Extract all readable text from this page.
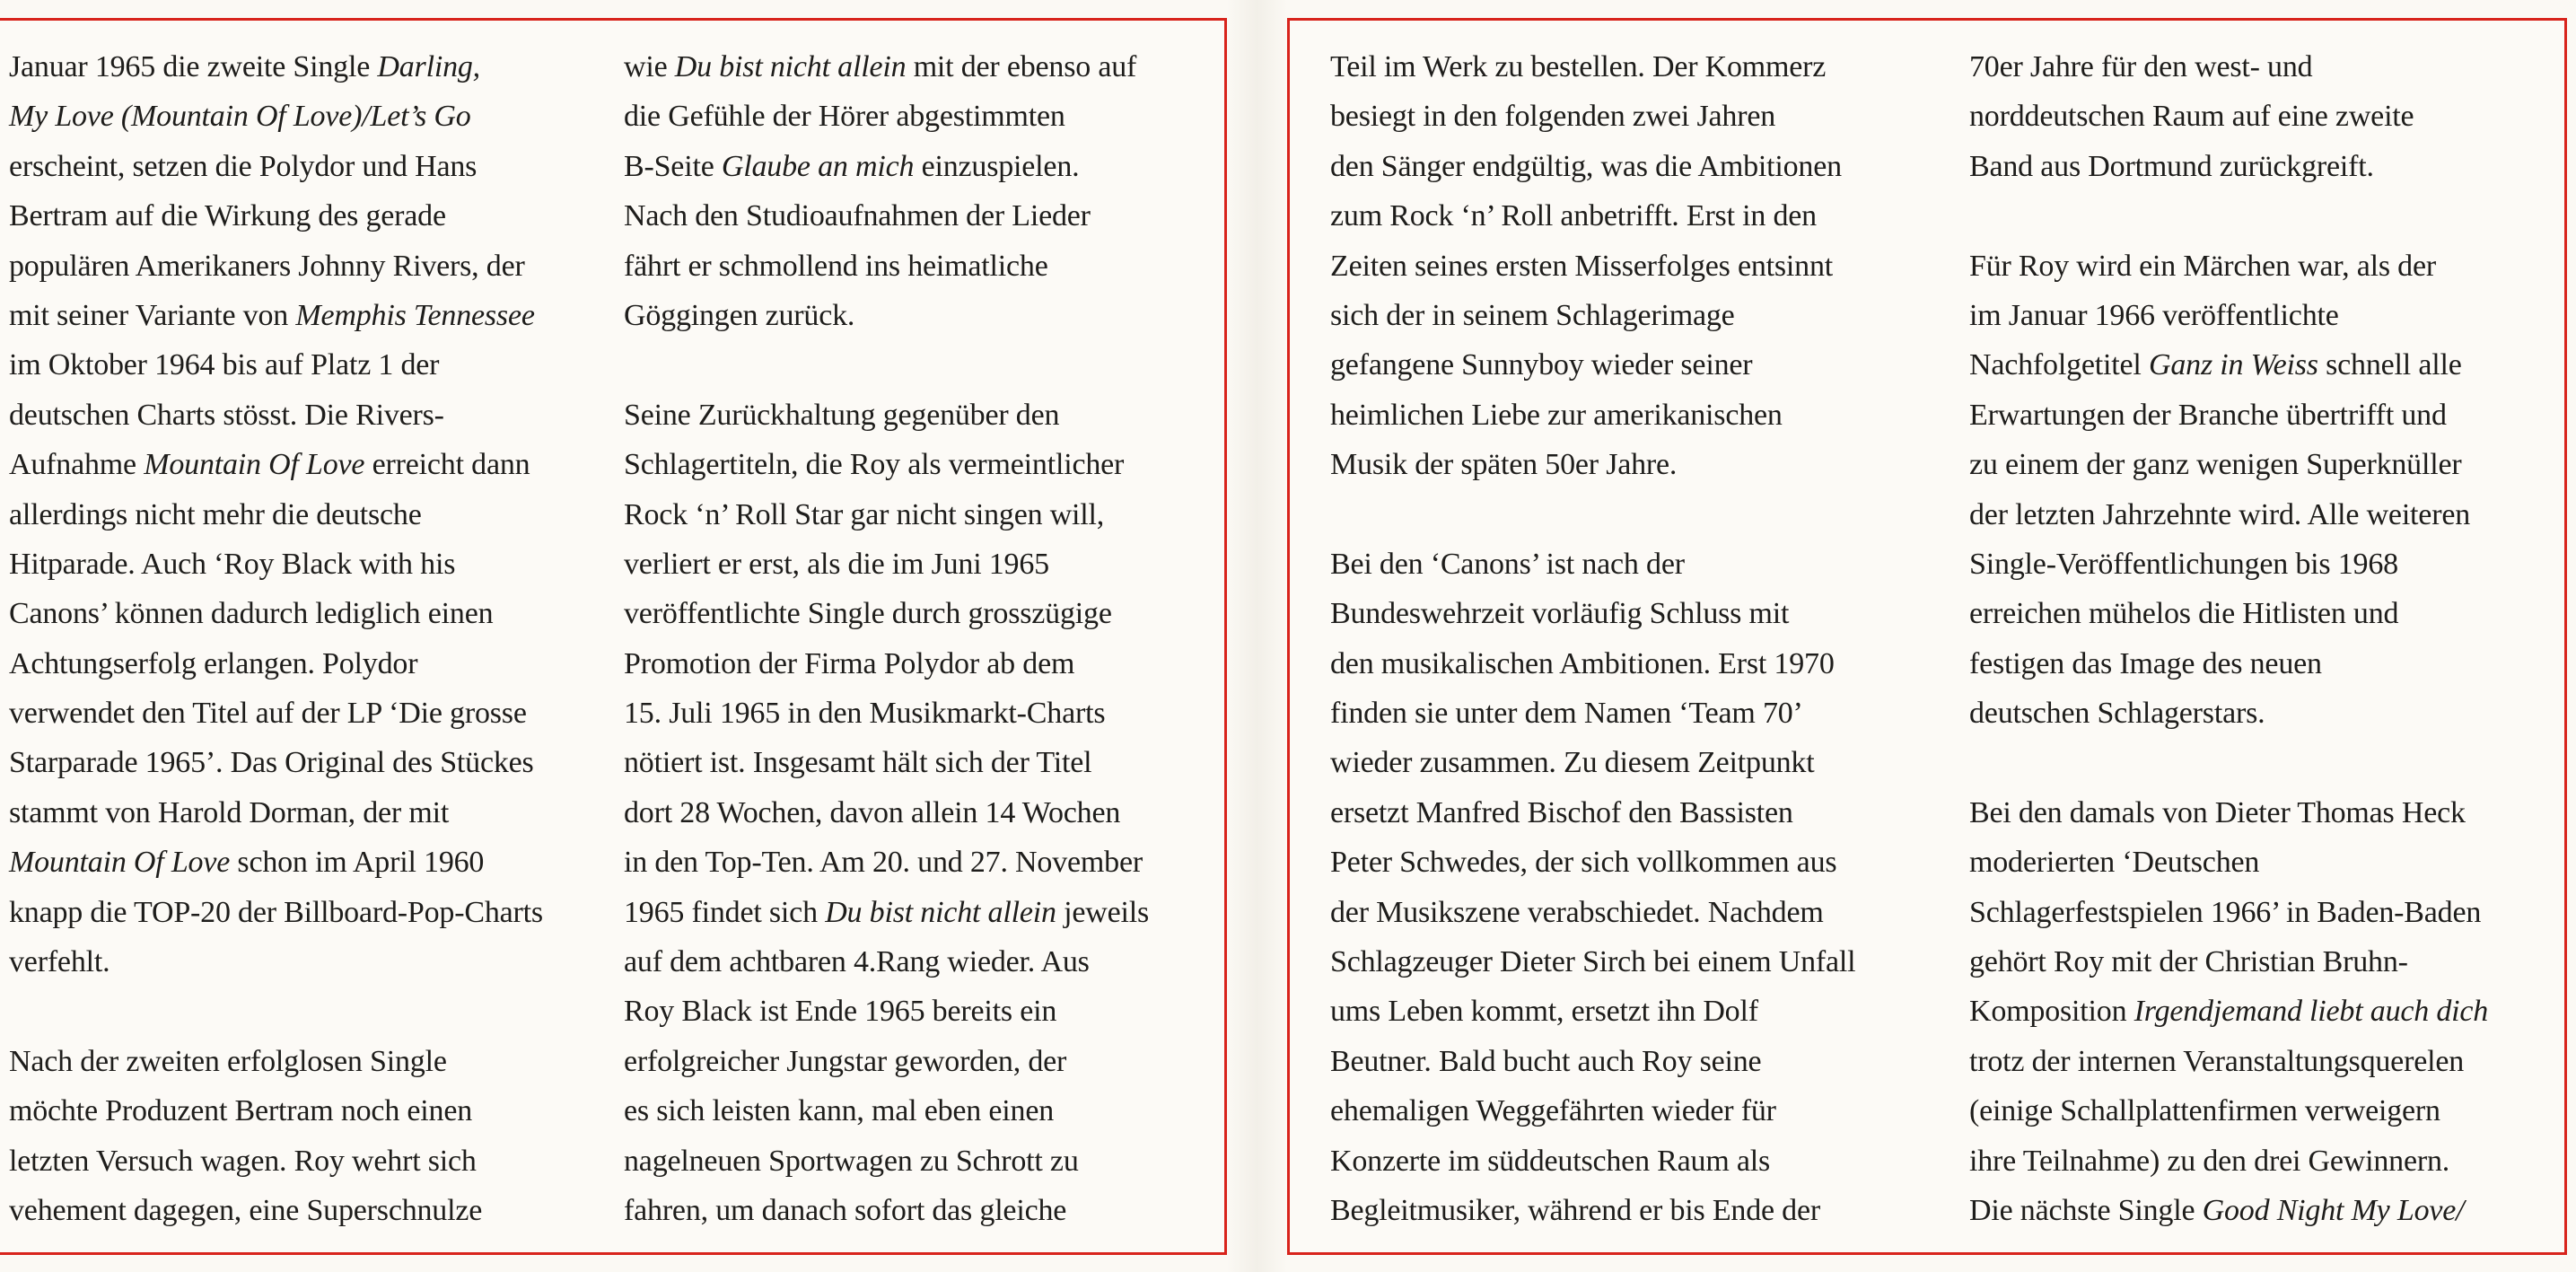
Januar 1965 die zweite Single Darling,
My Love (Mountain Of Love)/Let’s Go
erscheint, setzen die Polydor und Hans
Bertram auf die Wirkung des gerade
populären Amerikaners Johnny Rivers, der
mit seiner Variante von Memphis Tennessee
im Oktober 1964 bis auf Platz 1 der
deutschen Charts stösst. Die Rivers-
Aufnahme Mountain Of Love erreicht dann
allerdings nicht mehr die deutsche
Hitparade. Auch ‘Roy Black with his
Canons’ können dadurch lediglich einen
Achtungserfolg erlangen. Polydor
verwendet den Titel auf der LP ‘Die grosse
Starparade 1965’. Das Original des Stückes
stammt von Harold Dorman, der mit
Mountain Of Love schon im April 1960
knapp die TOP-20 der Billboard-Pop-Charts
verfehlt.

Nach der zweiten erfolglosen Single
möchte Produzent Bertram noch einen
letzten Versuch wagen. Roy wehrt sich
vehement dagegen, eine Superschnulze

wie Du bist nicht allein mit der ebenso auf
die Gefühle der Hörer abgestimmten
B-Seite Glaube an mich einzuspielen.
Nach den Studioaufnahmen der Lieder
fährt er schmollend ins heimatliche
Göggingen zurück.

Seine Zurückhaltung gegenüber den
Schlagertiteln, die Roy als vermeintlicher
Rock ‘n’ Roll Star gar nicht singen will,
verliert er erst, als die im Juni 1965
veröffentlichte Single durch grosszügige
Promotion der Firma Polydor ab dem
15. Juli 1965 in den Musikmarkt-Charts
nötiert ist. Insgesamt hält sich der Titel
dort 28 Wochen, davon allein 14 Wochen
in den Top-Ten. Am 20. und 27. November
1965 findet sich Du bist nicht allein jeweils
auf dem achtbaren 4.Rang wieder. Aus
Roy Black ist Ende 1965 bereits ein
erfolgreicher Jungstar geworden, der
es sich leisten kann, mal eben einen
nagelneuen Sportwagen zu Schrott zu
fahren, um danach sofort das gleiche

Teil im Werk zu bestellen. Der Kommerz
besiegt in den folgenden zwei Jahren
den Sänger endgültig, was die Ambitionen
zum Rock ‘n’ Roll anbetrifft. Erst in den
Zeiten seines ersten Misserfolges entsinnt
sich der in seinem Schlagerimage
gefangene Sunnyboy wieder seiner
heimlichen Liebe zur amerikanischen
Musik der späten 50er Jahre.

Bei den ‘Canons’ ist nach der
Bundeswehrzeit vorläufig Schluss mit
den musikalischen Ambitionen. Erst 1970
finden sie unter dem Namen ‘Team 70’
wieder zusammen. Zu diesem Zeitpunkt
ersetzt Manfred Bischof den Bassisten
Peter Schwedes, der sich vollkommen aus
der Musikszene verabschiedet. Nachdem
Schlagzeuger Dieter Sirch bei einem Unfall
ums Leben kommt, ersetzt ihn Dolf
Beutner. Bald bucht auch Roy seine
ehemaligen Weggefährten wieder für
Konzerte im süddeutschen Raum als
Begleitmusiker, während er bis Ende der

70er Jahre für den west- und
norddeutschen Raum auf eine zweite
Band aus Dortmund zurückgreift.

Für Roy wird ein Märchen war, als der
im Januar 1966 veröffentlichte
Nachfolgetitel Ganz in Weiss schnell alle
Erwartungen der Branche übertrifft und
zu einem der ganz wenigen Superknüller
der letzten Jahrzehnte wird. Alle weiteren
Single-Veröffentlichungen bis 1968
erreichen mühelos die Hitlisten und
festigen das Image des neuen
deutschen Schlagerstars.

Bei den damals von Dieter Thomas Heck
moderierten ‘Deutschen
Schlagerfestspielen 1966’ in Baden-Baden
gehört Roy mit der Christian Bruhn-
Komposition Irgendjemand liebt auch dich
trotz der internen Veranstaltungsquerelen
(einige Schallplattenfirmen verweigern
ihre Teilnahme) zu den drei Gewinnern.
Die nächste Single Good Night My Love/
